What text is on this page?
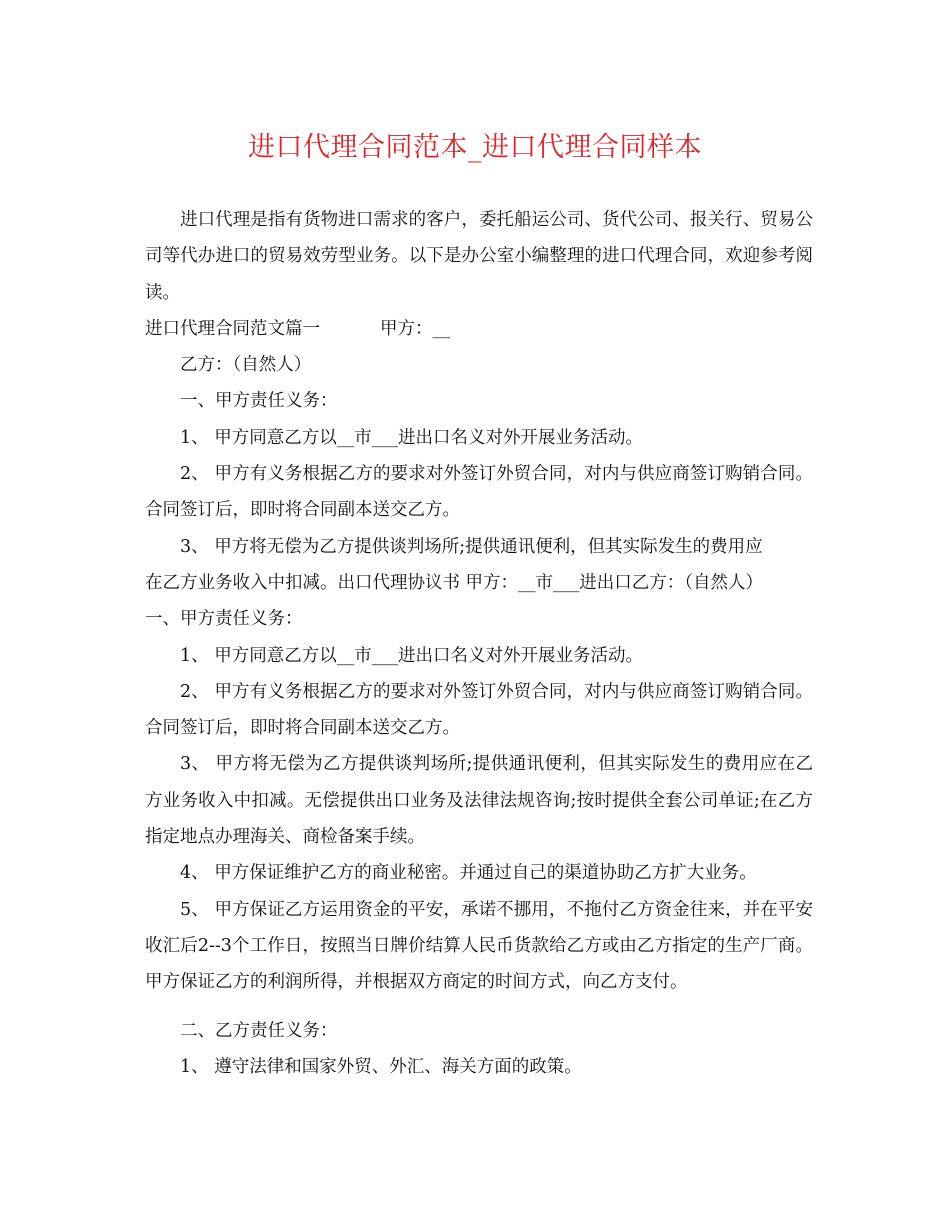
进口代理合同范本_进口代理合同样本

进口代理是指有货物进口需求的客户，委托船运公司、货代公司、报关行、贸易公司等代办进口的贸易效劳型业务。以下是办公室小编整理的进口代理合同，欢迎参考阅读。

进口代理合同范文篇一	甲方：__

乙方：（自然人）

一、甲方责任义务：

1、 甲方同意乙方以__市___进出口名义对外开展业务活动。

2、 甲方有义务根据乙方的要求对外签订外贸合同，对内与供应商签订购销合同。合同签订后，即时将合同副本送交乙方。

3、 甲方将无偿为乙方提供谈判场所;提供通讯便利，但其实际发生的费用应
在乙方业务收入中扣减。出口代理协议书 甲方：__市___进出口乙方：（自然人）
一、甲方责任义务：

1、 甲方同意乙方以__市___进出口名义对外开展业务活动。

2、 甲方有义务根据乙方的要求对外签订外贸合同，对内与供应商签订购销合同。合同签订后，即时将合同副本送交乙方。

3、 甲方将无偿为乙方提供谈判场所;提供通讯便利，但其实际发生的费用应在乙方业务收入中扣减。无偿提供出口业务及法律法规咨询;按时提供全套公司单证;在乙方指定地点办理海关、商检备案手续。

4、 甲方保证维护乙方的商业秘密。并通过自己的渠道协助乙方扩大业务。

5、 甲方保证乙方运用资金的平安，承诺不挪用，不拖付乙方资金往来，并在平安收汇后2--3个工作日，按照当日牌价结算人民币货款给乙方或由乙方指定的生产厂商。甲方保证乙方的利润所得，并根据双方商定的时间方式，向乙方支付。

二、乙方责任义务：

1、 遵守法律和国家外贸、外汇、海关方面的政策。
